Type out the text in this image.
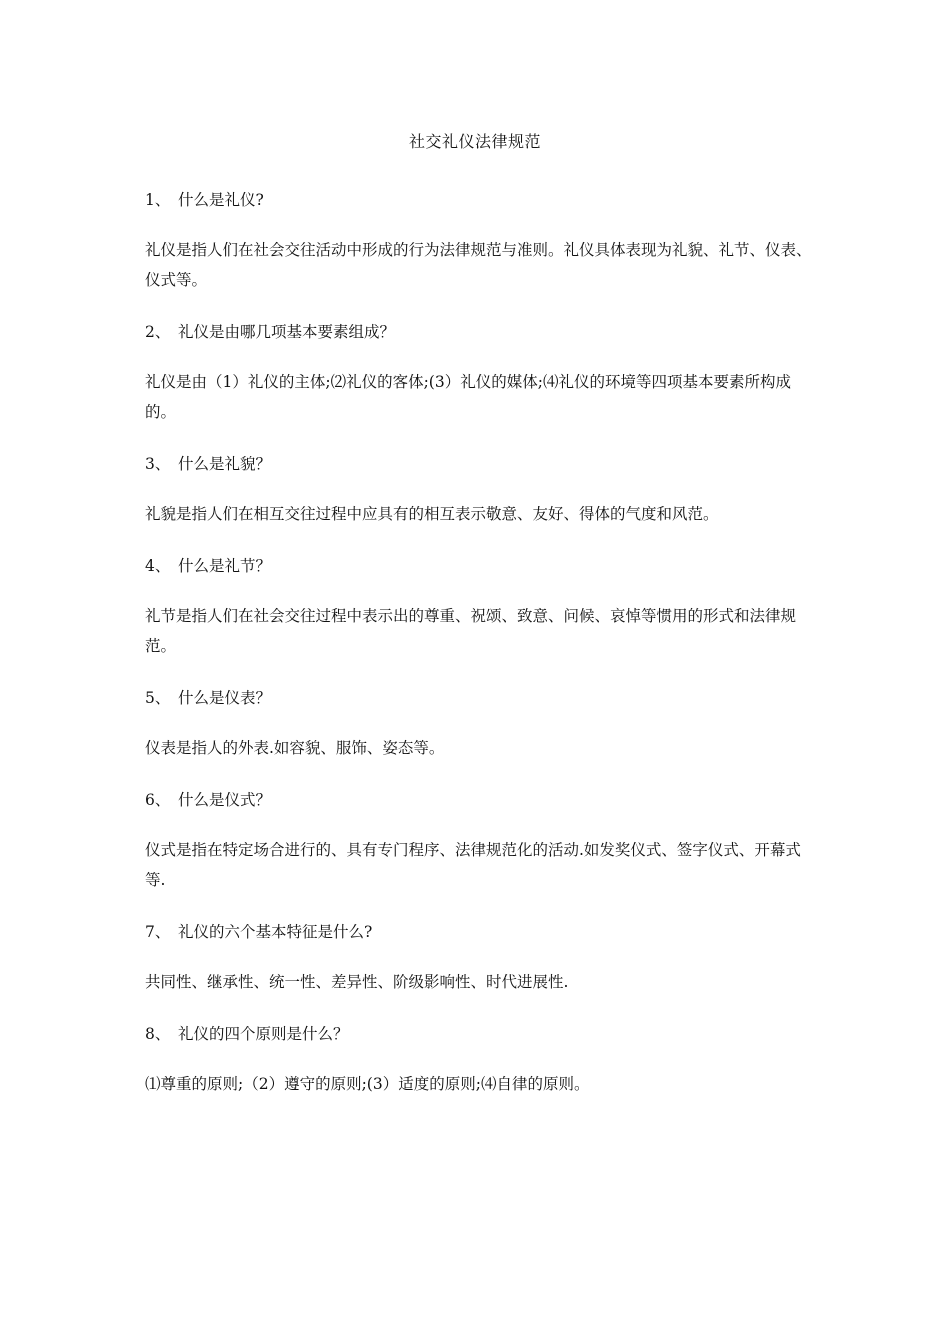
社交礼仪法律规范

1、 什么是礼仪?

礼仪是指人们在社会交往活动中形成的行为法律规范与准则。礼仪具体表现为礼貌、礼节、仪表、仪式等。

2、 礼仪是由哪几项基本要素组成？

礼仪是由（1）礼仪的主体;⑵礼仪的客体;(3）礼仪的媒体;⑷礼仪的环境等四项基本要素所构成的。

3、 什么是礼貌？

礼貌是指人们在相互交往过程中应具有的相互表示敬意、友好、得体的气度和风范。

4、 什么是礼节？

礼节是指人们在社会交往过程中表示出的尊重、祝颂、致意、问候、哀悼等惯用的形式和法律规范。

5、 什么是仪表？

仪表是指人的外表.如容貌、服饰、姿态等。

6、 什么是仪式？

仪式是指在特定场合进行的、具有专门程序、法律规范化的活动.如发奖仪式、签字仪式、开幕式等.

7、 礼仪的六个基本特征是什么?

共同性、继承性、统一性、差异性、阶级影响性、时代进展性.

8、 礼仪的四个原则是什么？

⑴尊重的原则;（2）遵守的原则;(3）适度的原则;⑷自律的原则。
